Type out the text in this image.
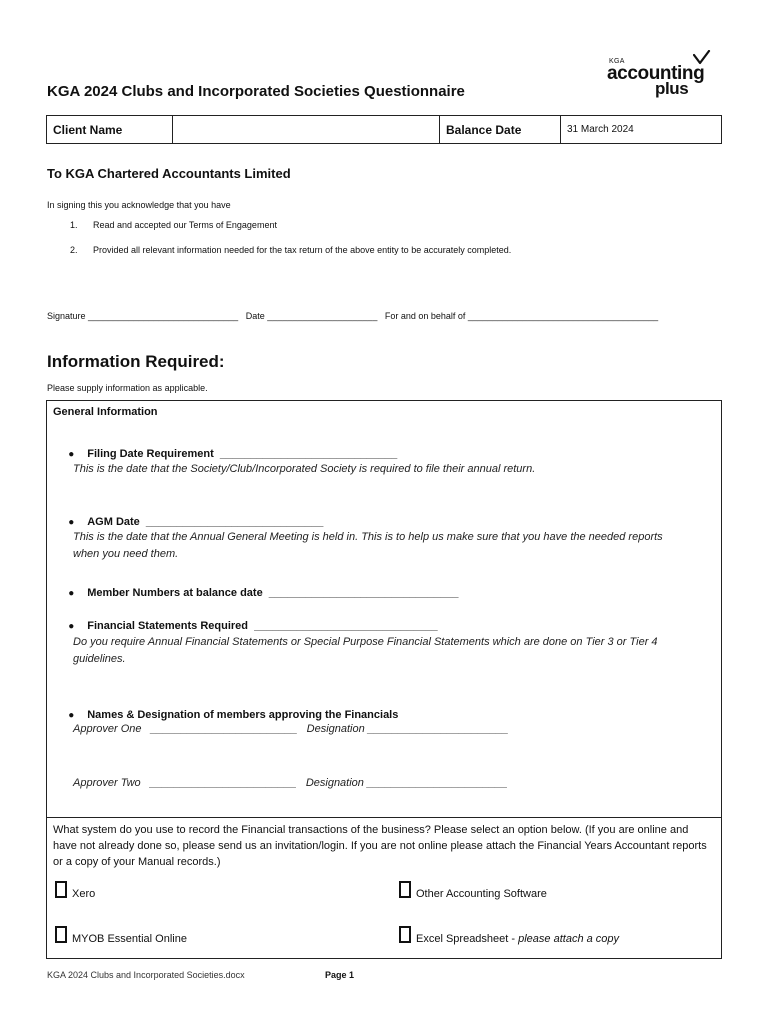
KGA
accounting
plus
KGA 2024 Clubs and Incorporated Societies Questionnaire
Client Name		Balance Date	31 March 2024
To KGA Chartered Accountants Limited
In signing this you acknowledge that you have
1. Read and accepted our Terms of Engagement
2. Provided all relevant information needed for the tax return of the above entity to be accurately completed.
Signature ______________________________   Date ______________________   For and on behalf of ______________________________________
Information Required:
Please supply information as applicable.
General Information

● Filing Date Requirement  _____________________________

This is the date that the Society/Club/Incorporated Society is required to file their annual return.

● AGM Date  _____________________________

This is the date that the Annual General Meeting is held in. This is to help us make sure that you have the needed reports
when you need them.

● Member Numbers at balance date  _______________________________

● Financial Statements Required  ______________________________

Do you require Annual Financial Statements or Special Purpose Financial Statements which are done on Tier 3 or Tier 4
guidelines.

● Names & Designation of members approving the Financials

Approver One   ________________________   Designation _______________________
Approver Two   ________________________   Designation _______________________
What system do you use to record the Financial transactions of the business? Please select an option below. (If you are online and have not already done so, please send us an invitation/login. If you are not online please attach the Financial Years Accountant reports or a copy of your Manual records.)
Xero	Other Accounting Software
MYOB Essential Online	Excel Spreadsheet - please attach a copy
KGA 2024 Clubs and Incorporated Societies.docx	Page 1
